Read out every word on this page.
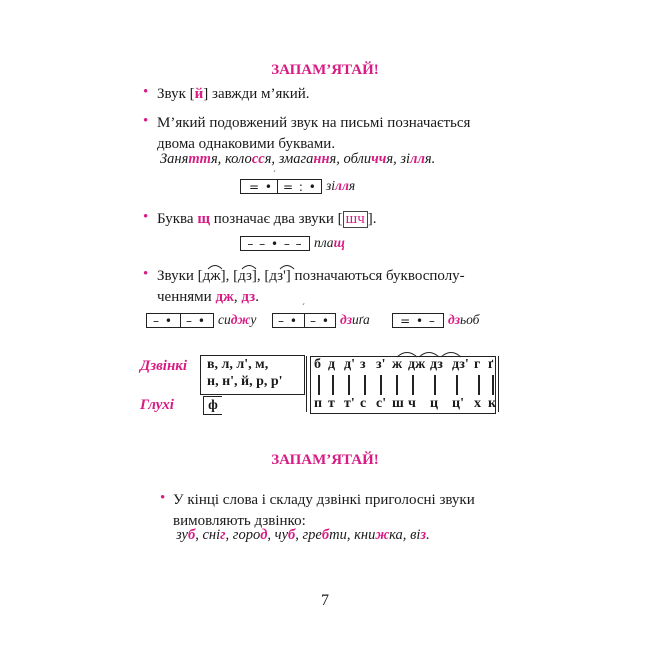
ЗАПАМ’ЯТАЙ!
• Звук [й] завжди м’який.
• М’який подовжений звук на письмі позначається
двома однаковими буквами.
Заняття, колосся, змагання, обличчя, зілля.
= • = : •
´
зілля
• Буква щ позначає два звуки [ шч ].
– – • – – плащ
• Звуки [дж], [дз], [дз'] позначаються буквосполу-
ченнями дж, дз.
– • – • сиджу
´
– • – • дзиґа	= • – дзьоб
Дзвінкі
Глухі
в, л, л', м,
н, н', й, р, р'
ф
б д д' з з' ж дж дз дз' г ґ
п т т' с с' ш ч ц ц' х к
ЗАПАМ’ЯТАЙ!
• У кінці слова і складу дзвінкі приголосні звуки
вимовляють дзвінко:
зуб, сніг, город, чуб, гребти, книжка, віз.
7
